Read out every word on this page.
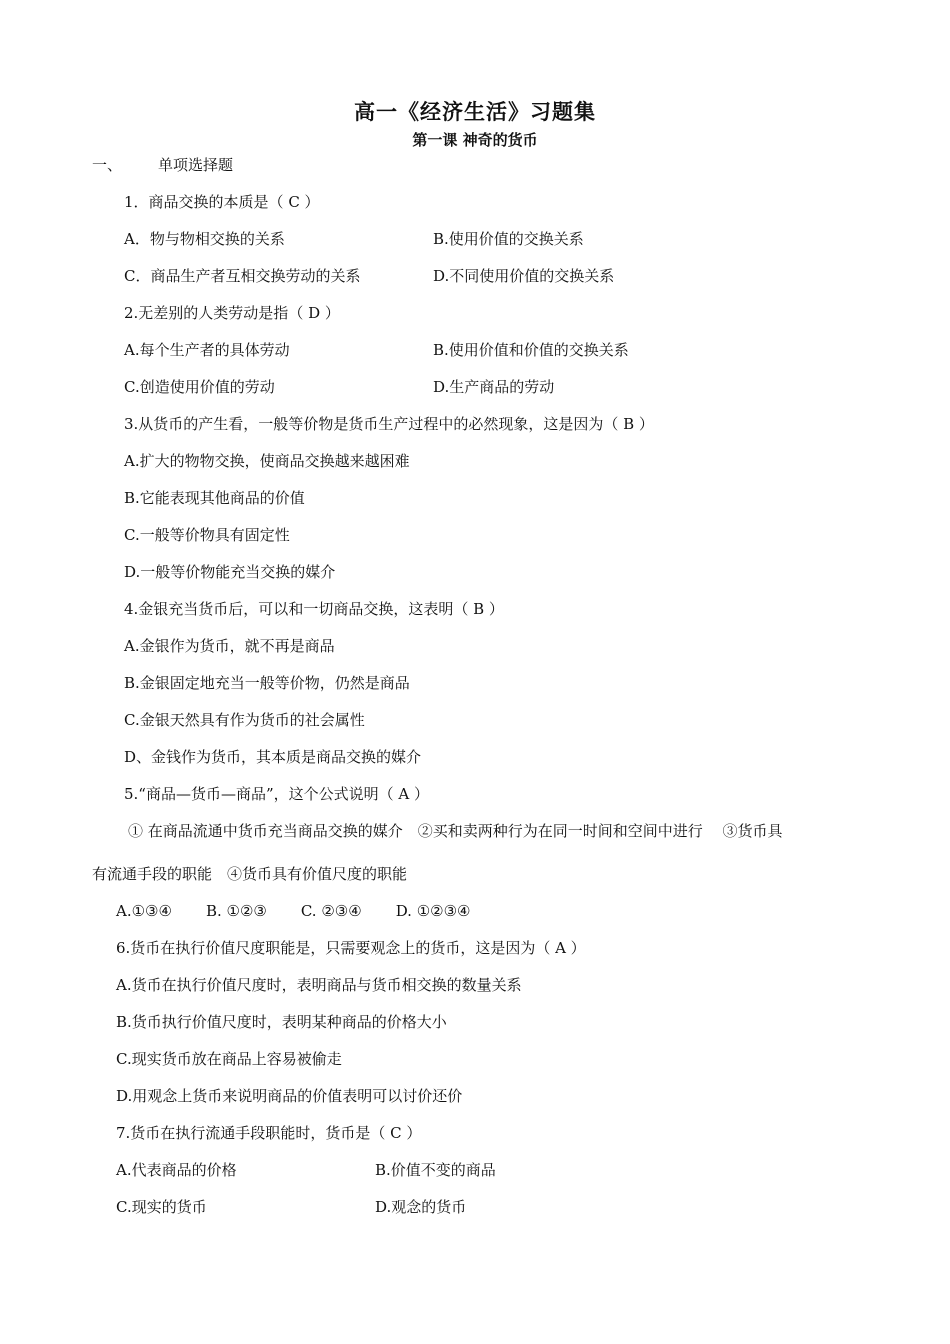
高一《经济生活》习题集
第一课 神奇的货币
一、 单项选择题
1．商品交换的本质是（ C ）
A．物与物相交换的关系	B.使用价值的交换关系
C．商品生产者互相交换劳动的关系	D.不同使用价值的交换关系
2.无差别的人类劳动是指（ D ）
A.每个生产者的具体劳动	B.使用价值和价值的交换关系
C.创造使用价值的劳动	D.生产商品的劳动
3.从货币的产生看，一般等价物是货币生产过程中的必然现象，这是因为（ B ）
A.扩大的物物交换，使商品交换越来越困难
B.它能表现其他商品的价值
C.一般等价物具有固定性
D.一般等价物能充当交换的媒介
4.金银充当货币后，可以和一切商品交换，这表明（ B ）
A.金银作为货币，就不再是商品
B.金银固定地充当一般等价物，仍然是商品
C.金银天然具有作为货币的社会属性
D、金钱作为货币，其本质是商品交换的媒介
5.“商品—货币—商品”，这个公式说明（ A ）
① 在商品流通中货币充当商品交换的媒介　②买和卖两种行为在同一时间和空间中进行　 ③货币具
有流通手段的职能　④货币具有价值尺度的职能
A.①③④ B. ①②③ C. ②③④ D. ①②③④
6.货币在执行价值尺度职能是，只需要观念上的货币，这是因为（ A ）
A.货币在执行价值尺度时，表明商品与货币相交换的数量关系
B.货币执行价值尺度时，表明某种商品的价格大小
C.现实货币放在商品上容易被偷走
D.用观念上货币来说明商品的价值表明可以讨价还价
7.货币在执行流通手段职能时，货币是（ C ）
A.代表商品的价格	B.价值不变的商品
C.现实的货币	D.观念的货币
